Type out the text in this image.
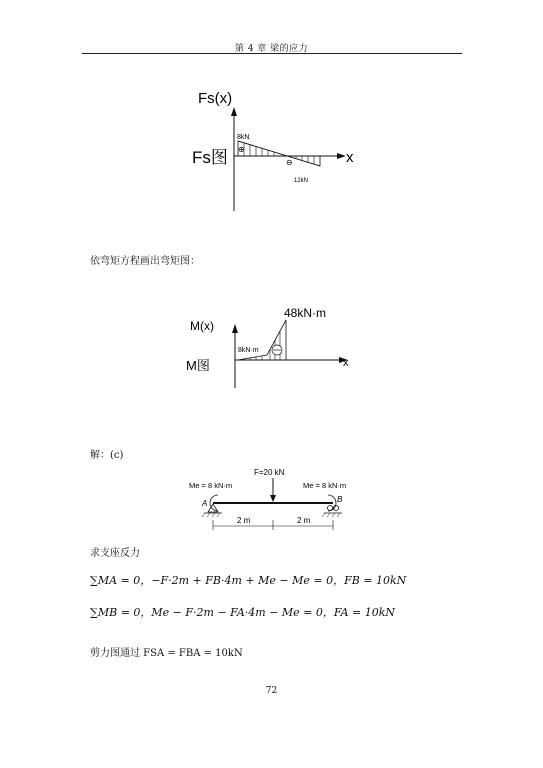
第 4 章 梁的应力
Fs(x)
x
Fs图
8kN
12kN
⊕
⊖
依弯矩方程画出弯矩图：
M(x)
x
M图
8kN·m
48kN·m
解：(c)
F=20 kN
Me = 8 kN·m	Me = 8 kN·m
A	B
2 m	2 m
求支座反力
∑MA = 0，−F·2m + FB·4m + Me − Me = 0，FB = 10kN
∑MB = 0，Me − F·2m − FA·4m − Me = 0，FA = 10kN
剪力图通过 FSA = FBA = 10kN
72
